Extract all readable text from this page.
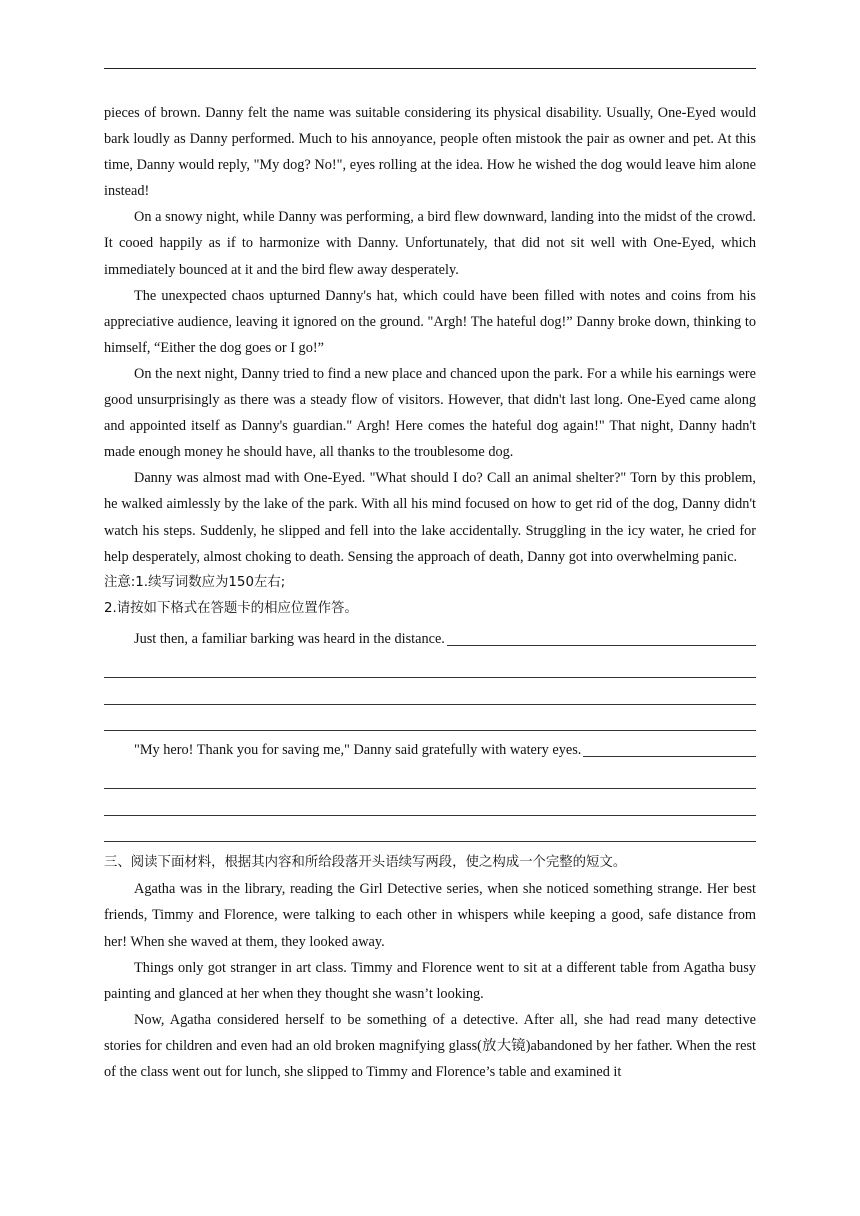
pieces of brown. Danny felt the name was suitable considering its physical disability. Usually, One-Eyed would bark loudly as Danny performed. Much to his annoyance, people often mistook the pair as owner and pet. At this time, Danny would reply, "My dog? No!", eyes rolling at the idea. How he wished the dog would leave him alone instead!

On a snowy night, while Danny was performing, a bird flew downward, landing into the midst of the crowd. It cooed happily as if to harmonize with Danny. Unfortunately, that did not sit well with One-Eyed, which immediately bounced at it and the bird flew away desperately.

The unexpected chaos upturned Danny's hat, which could have been filled with notes and coins from his appreciative audience, leaving it ignored on the ground. "Argh! The hateful dog!” Danny broke down, thinking to himself, “Either the dog goes or I go!”

On the next night, Danny tried to find a new place and chanced upon the park. For a while his earnings were good unsurprisingly as there was a steady flow of visitors. However, that didn't last long. One-Eyed came along and appointed itself as Danny's guardian." Argh! Here comes the hateful dog again!" That night, Danny hadn't made enough money he should have, all thanks to the troublesome dog.

Danny was almost mad with One-Eyed. "What should I do? Call an animal shelter?" Torn by this problem, he walked aimlessly by the lake of the park. With all his mind focused on how to get rid of the dog, Danny didn't watch his steps. Suddenly, he slipped and fell into the lake accidentally. Struggling in the icy water, he cried for help desperately, almost choking to death. Sensing the approach of death, Danny got into overwhelming panic.

注意:1.续写词数应为150左右;

2.请按如下格式在答题卡的相应位置作答。

Just then, a familiar barking was heard in the distance.
"My hero! Thank you for saving me," Danny said gratefully with watery eyes.

三、阅读下面材料，根据其内容和所给段落开头语续写两段，使之构成一个完整的短文。

Agatha was in the library, reading the Girl Detective series, when she noticed something strange. Her best friends, Timmy and Florence, were talking to each other in whispers while keeping a good, safe distance from her! When she waved at them, they looked away.

Things only got stranger in art class. Timmy and Florence went to sit at a different table from Agatha busy painting and glanced at her when they thought she wasn’t looking.

Now, Agatha considered herself to be something of a detective. After all, she had read many detective stories for children and even had an old broken magnifying glass(放大镜)abandoned by her father. When the rest of the class went out for lunch, she slipped to Timmy and Florence’s table and examined it
